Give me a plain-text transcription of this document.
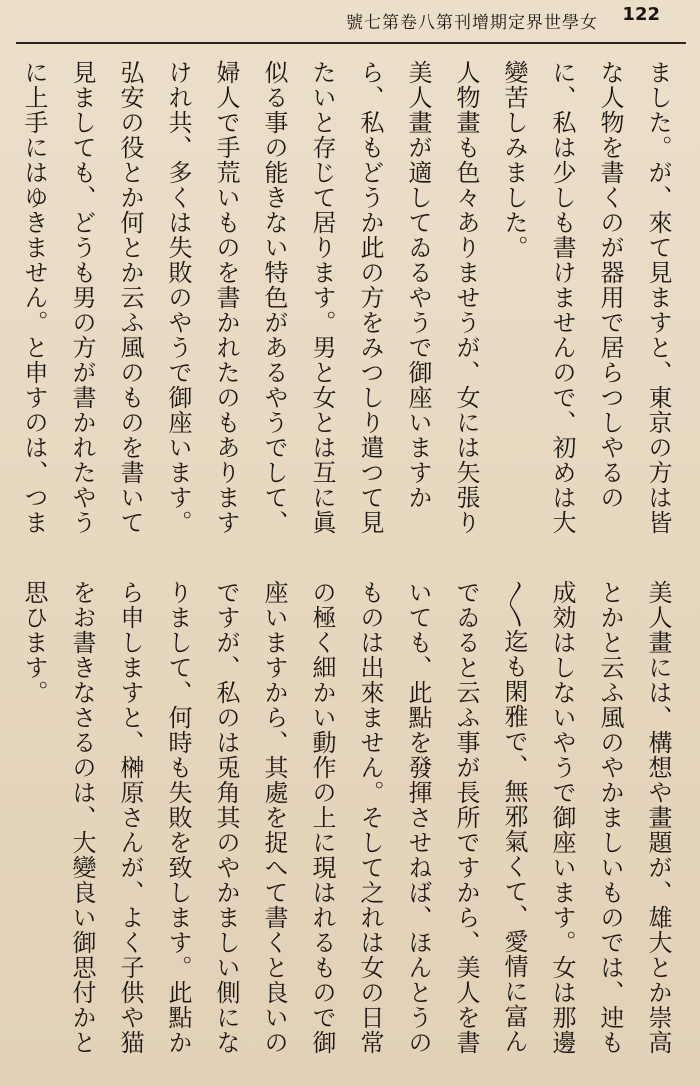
女學世界定期增刊第八卷第七號 122

ました。が、來て見ますと、東京の方は皆な人物を書くのが器用で居らつしやるのに、私は少しも書けませんので、初めは大變苦しみました。

人物畫も色々ありませうが、女には矢張り美人畫が適してゐるやうで御座いますから、私もどうか此の方をみつしり遣つて見たいと存じて居ります。男と女とは互に眞似る事の能きない特色があるやうでして、婦人で手荒いものを書かれたのもありますけれ共、多くは失敗のやうで御座います。弘安の役とか何とか云ふ風のものを書いて見ましても、どうも男の方が書かれたやうに上手にはゆきません。と申すのは、つま

美人畫には、構想や畫題が、雄大とか崇高とかと云ふ風のやかましいものでは、迚も成効はしないやうで御座います。女は那邊〳〵迄も閑雅で、無邪氣くて、愛情に富んでゐると云ふ事が長所ですから、美人を書いても、此點を發揮させねば、ほんとうのものは出來ません。そして之れは女の日常の極く細かい動作の上に現はれるもので御座いますから、其處を捉へて書くと良いのですが、私のは兎角其のやかましい側になりまして、何時も失敗を致します。此點から申しますと、榊原さんが、よく子供や猫をお書きなさるのは、大變良い御思付かと思ひます。
